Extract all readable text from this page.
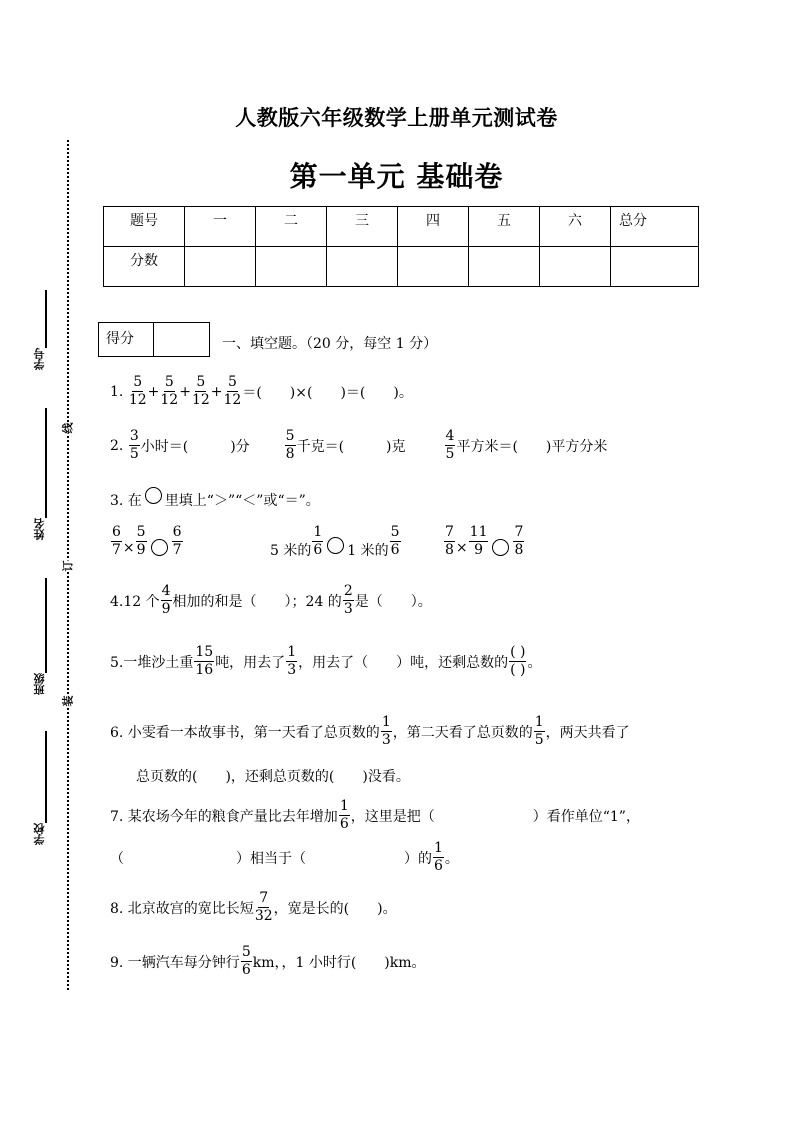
学号
姓名
班级
学校
线
订
装
人教版六年级数学上册单元测试卷
第一单元 基础卷
题号	一	二	三	四	五	六	总分
分数							
得分	一、填空题。（20 分，每空 1 分）
1.
$\frac{5}{12} + \frac{5}{12} + \frac{5}{12} + \frac{5}{12}$ ＝(　　)×(　　)＝(　　)。
2.
$\frac{3}{5}$ 小时＝(　　　)分	$\frac{5}{8}$ 千克＝(　　　)克	$\frac{4}{5}$ 平方米＝(　　)平方分米
3. 在 里填上“＞”“＜”或“＝”。
$\frac{6}{7} \times \frac{5}{9} \frac{6}{7}$	5 米的 $\frac{1}{6} 1$ 米的 $\frac{5}{6}$	$\frac{7}{8} \times \frac{11}{9} \frac{7}{8}$
4.12 个 $\frac{4}{9}$ 相加的和是（　　）；24 的 $\frac{2}{3}$ 是（　　）。
5.一堆沙土重 $\frac{15}{16}$ 吨，用去了 $\frac{1}{3}$ ，用去了（　　）吨，还剩总数的 $\frac{( )}{( )}$ 。
6. 小雯看一本故事书，第一天看了总页数的 $\frac{1}{3}$ ，第二天看了总页数的 $\frac{1}{5}$ ，两天共看了
总页数的(　　)，还剩总页数的(　　)没看。
7. 某农场今年的粮食产量比去年增加 $\frac{1}{6}$ ，这里是把（　　　　　　　）看作单位“1”，
（　　　　　　　　）相当于（　　　　　　　）的 $\frac{1}{6}$ 。
8. 北京故宫的宽比长短 $\frac{7}{32}$ ，宽是长的(　　)。
9. 一辆汽车每分钟行 $\frac{5}{6}$ km，，1 小时行(　　)km。
